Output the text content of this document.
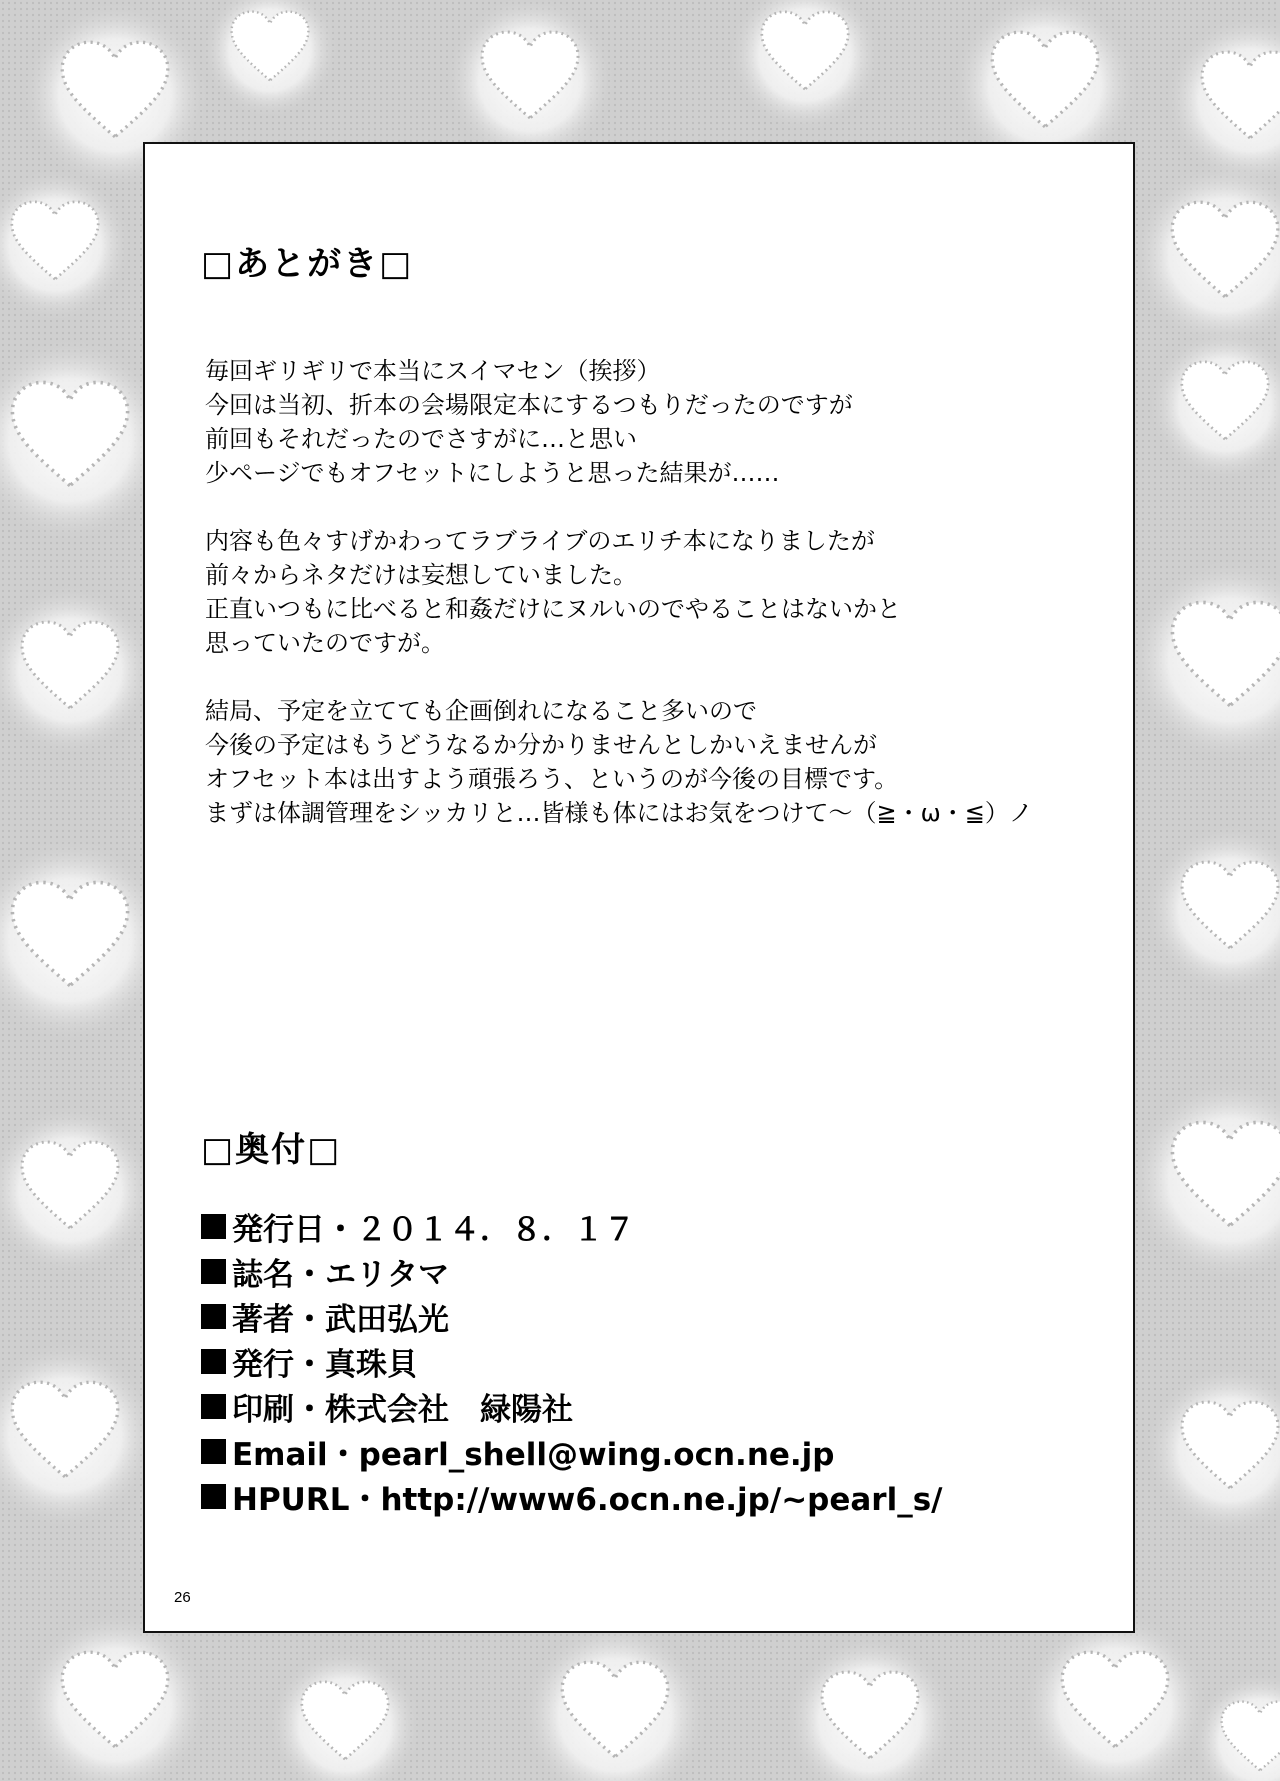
□あとがき□
毎回ギリギリで本当にスイマセン（挨拶）
今回は当初、折本の会場限定本にするつもりだったのですが
前回もそれだったのでさすがに…と思い
少ページでもオフセットにしようと思った結果が……
内容も色々すげかわってラブライブのエリチ本になりましたが
前々からネタだけは妄想していました。
正直いつもに比べると和姦だけにヌルいのでやることはないかと
思っていたのですが。
結局、予定を立てても企画倒れになること多いので
今後の予定はもうどうなるか分かりませんとしかいえませんが
オフセット本は出すよう頑張ろう、というのが今後の目標です。
まずは体調管理をシッカリと…皆様も体にはお気をつけて～（≧・ω・≦）ノ
□奥付□
発行日・２０１４．８．１７
誌名・エリタマ
著者・武田弘光
発行・真珠貝
印刷・株式会社　緑陽社
Email・pearl_shell@wing.ocn.ne.jp
HPURL・http://www6.ocn.ne.jp/~pearl_s/
26
